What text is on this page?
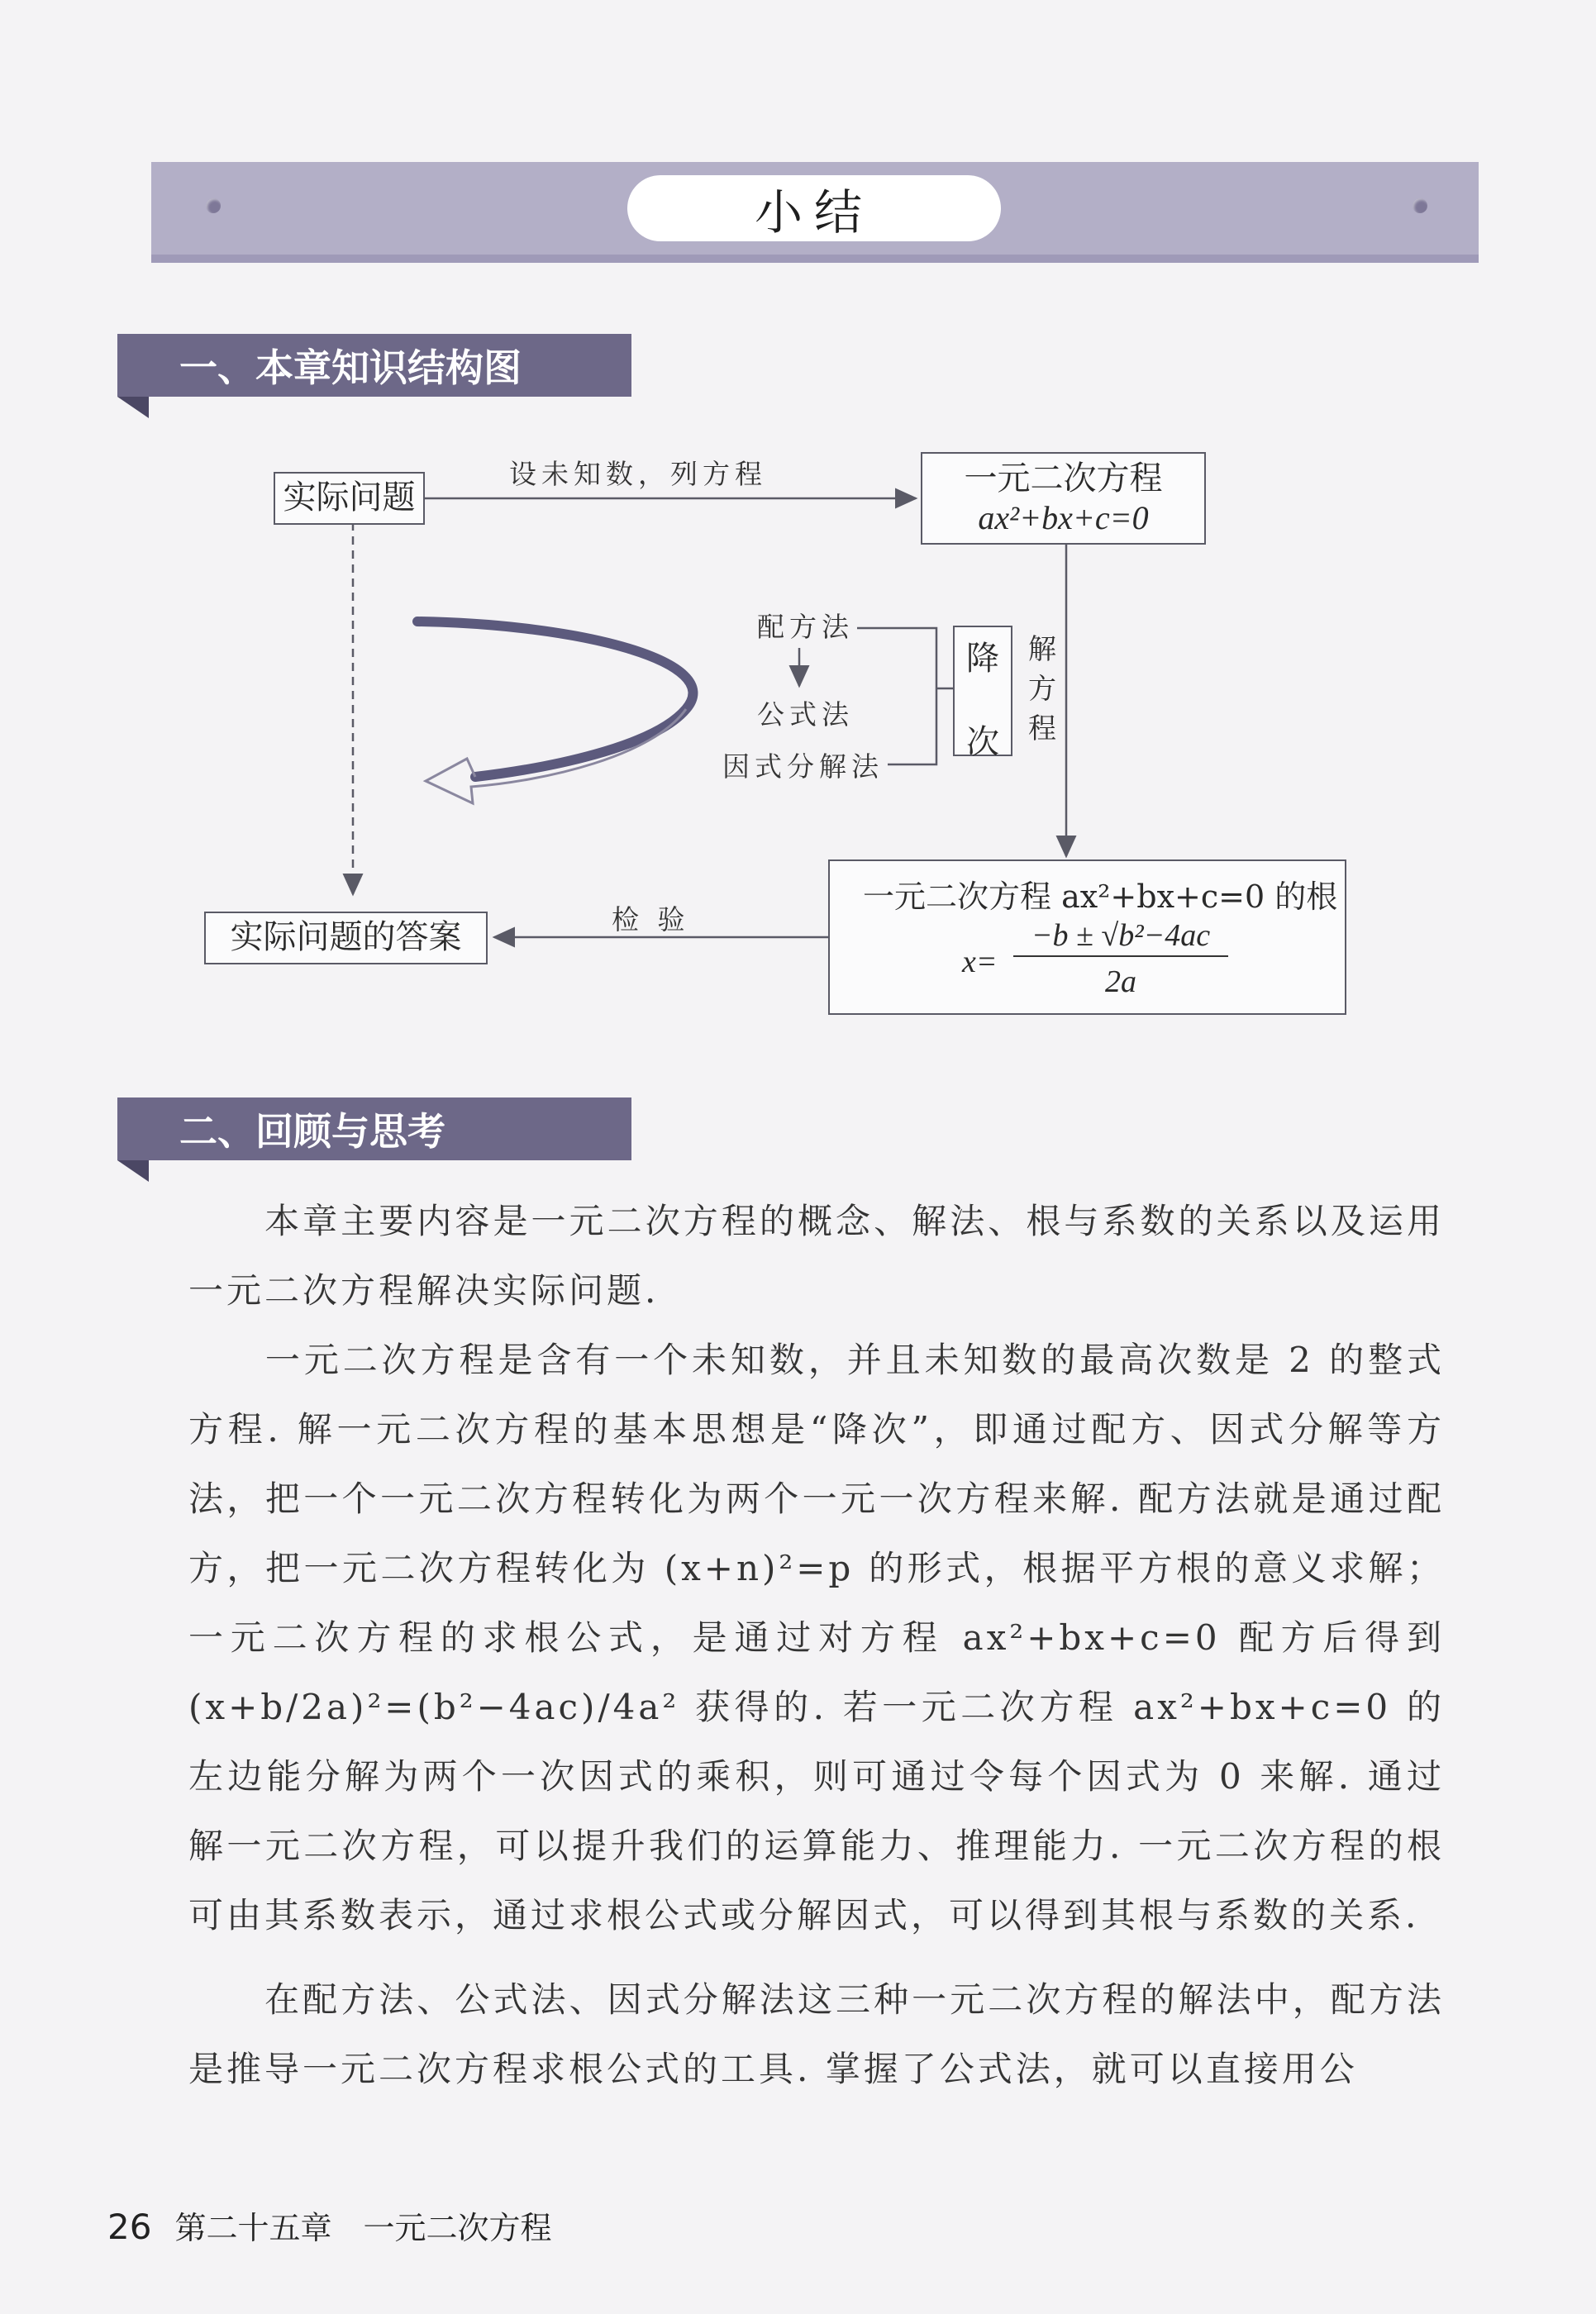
小结
一、本章知识结构图
实际问题
设未知数，列方程	一元二次方程
ax²+bx+c=0
配方法
公式法
因式分解法
降
次
解
方
程
一元二次方程 ax²+bx+c=0 的根
x=
−b ± √b²−4ac
2a
检 验
实际问题的答案
二、回顾与思考
本章主要内容是一元二次方程的概念、解法、根与系数的关系以及运用一元二次方程解决实际问题.
一元二次方程是含有一个未知数，并且未知数的最高次数是 2 的整式方程. 解一元二次方程的基本思想是“降次”，即通过配方、因式分解等方法，把一个一元二次方程转化为两个一元一次方程来解. 配方法就是通过配方，把一元二次方程转化为 (x+n)²=p 的形式，根据平方根的意义求解；一元二次方程的求根公式，是通过对方程 ax²+bx+c=0 配方后得到 (x+b/2a)²=(b²−4ac)/4a² 获得的. 若一元二次方程 ax²+bx+c=0 的左边能分解为两个一次因式的乘积，则可通过令每个因式为 0 来解. 通过解一元二次方程，可以提升我们的运算能力、推理能力. 一元二次方程的根可由其系数表示，通过求根公式或分解因式，可以得到其根与系数的关系.
在配方法、公式法、因式分解法这三种一元二次方程的解法中，配方法是推导一元二次方程求根公式的工具. 掌握了公式法，就可以直接用公
26 第二十五章　一元二次方程
